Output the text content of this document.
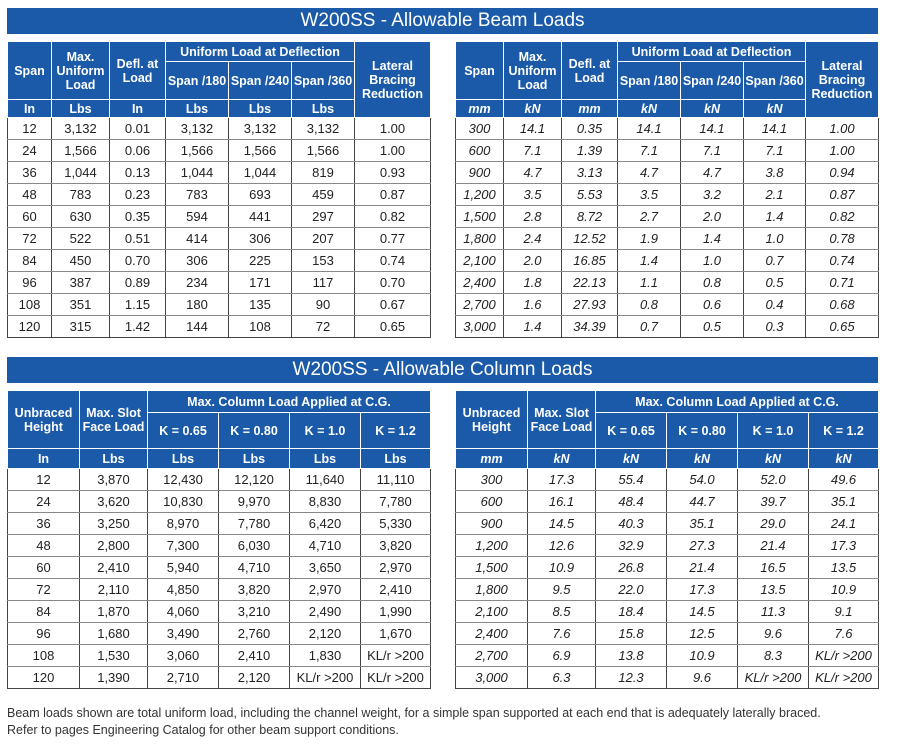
W200SS - Allowable Beam Loads
Span	Max. Uniform Load	Defl. at Load	Uniform Load at Deflection			Lateral Bracing Reduction
			Span /180	Span /240	Span /360	
In	Lbs	In	Lbs	Lbs	Lbs	
12	3,132	0.01	3,132	3,132	3,132	1.00
24	1,566	0.06	1,566	1,566	1,566	1.00
36	1,044	0.13	1,044	1,044	819	0.93
48	783	0.23	783	693	459	0.87
60	630	0.35	594	441	297	0.82
72	522	0.51	414	306	207	0.77
84	450	0.70	306	225	153	0.74
96	387	0.89	234	171	117	0.70
108	351	1.15	180	135	90	0.67
120	315	1.42	144	108	72	0.65
Span	Max. Uniform Load	Defl. at Load	Uniform Load at Deflection			Lateral Bracing Reduction
			Span /180	Span /240	Span /360	
mm	kN	mm	kN	kN	kN	
300	14.1	0.35	14.1	14.1	14.1	1.00
600	7.1	1.39	7.1	7.1	7.1	1.00
900	4.7	3.13	4.7	4.7	3.8	0.94
1,200	3.5	5.53	3.5	3.2	2.1	0.87
1,500	2.8	8.72	2.7	2.0	1.4	0.82
1,800	2.4	12.52	1.9	1.4	1.0	0.78
2,100	2.0	16.85	1.4	1.0	0.7	0.74
2,400	1.8	22.13	1.1	0.8	0.5	0.71
2,700	1.6	27.93	0.8	0.6	0.4	0.68
3,000	1.4	34.39	0.7	0.5	0.3	0.65
W200SS - Allowable Column Loads
Unbraced Height	Max. Slot Face Load	Max. Column Load Applied at C.G.			
		K = 0.65	K = 0.80	K = 1.0	K = 1.2
In	Lbs	Lbs	Lbs	Lbs	Lbs
12	3,870	12,430	12,120	11,640	11,110
24	3,620	10,830	9,970	8,830	7,780
36	3,250	8,970	7,780	6,420	5,330
48	2,800	7,300	6,030	4,710	3,820
60	2,410	5,940	4,710	3,650	2,970
72	2,110	4,850	3,820	2,970	2,410
84	1,870	4,060	3,210	2,490	1,990
96	1,680	3,490	2,760	2,120	1,670
108	1,530	3,060	2,410	1,830	KL/r >200
120	1,390	2,710	2,120	KL/r >200	KL/r >200
Unbraced Height	Max. Slot Face Load	Max. Column Load Applied at C.G.			
		K = 0.65	K = 0.80	K = 1.0	K = 1.2
mm	kN	kN	kN	kN	kN
300	17.3	55.4	54.0	52.0	49.6
600	16.1	48.4	44.7	39.7	35.1
900	14.5	40.3	35.1	29.0	24.1
1,200	12.6	32.9	27.3	21.4	17.3
1,500	10.9	26.8	21.4	16.5	13.5
1,800	9.5	22.0	17.3	13.5	10.9
2,100	8.5	18.4	14.5	11.3	9.1
2,400	7.6	15.8	12.5	9.6	7.6
2,700	6.9	13.8	10.9	8.3	KL/r >200
3,000	6.3	12.3	9.6	KL/r >200	KL/r >200
Beam loads shown are total uniform load, including the channel weight, for a simple span supported at each end that is adequately laterally braced.
Refer to pages Engineering Catalog for other beam support conditions.
